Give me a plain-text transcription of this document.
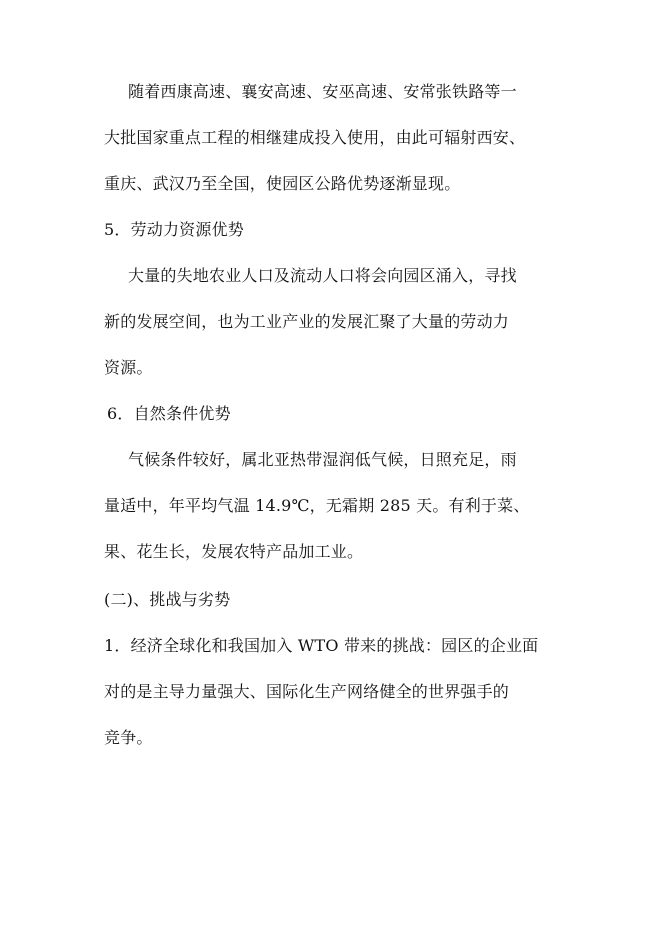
随着西康高速、襄安高速、安巫高速、安常张铁路等一
大批国家重点工程的相继建成投入使用，由此可辐射西安、
重庆、武汉乃至全国，使园区公路优势逐渐显现。
5．劳动力资源优势
大量的失地农业人口及流动人口将会向园区涌入，寻找
新的发展空间，也为工业产业的发展汇聚了大量的劳动力
资源。
6．自然条件优势
气候条件较好，属北亚热带湿润低气候，日照充足，雨
量适中，年平均气温 14.9℃，无霜期 285 天。有利于菜、
果、花生长，发展农特产品加工业。
(二)、挑战与劣势
1．经济全球化和我国加入 WTO 带来的挑战：园区的企业面
对的是主导力量强大、国际化生产网络健全的世界强手的
竞争。
